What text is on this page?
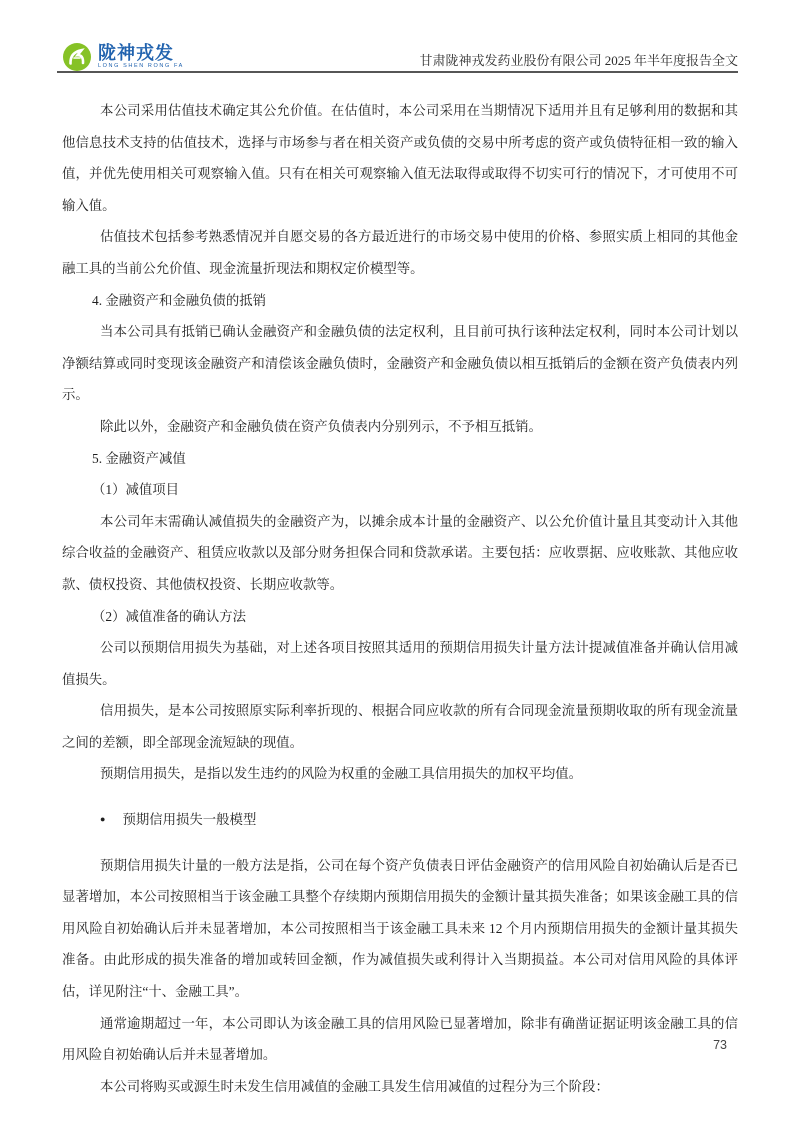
陇神戎发
LONG SHEN RONG FA	甘肃陇神戎发药业股份有限公司 2025 年半年度报告全文

本公司采用估值技术确定其公允价值。在估值时，本公司采用在当期情况下适用并且有足够利用的数据和其他信息技术支持的估值技术，选择与市场参与者在相关资产或负债的交易中所考虑的资产或负债特征相一致的输入值，并优先使用相关可观察输入值。只有在相关可观察输入值无法取得或取得不切实可行的情况下，才可使用不可输入值。

估值技术包括参考熟悉情况并自愿交易的各方最近进行的市场交易中使用的价格、参照实质上相同的其他金融工具的当前公允价值、现金流量折现法和期权定价模型等。

4. 金融资产和金融负债的抵销

当本公司具有抵销已确认金融资产和金融负债的法定权利，且目前可执行该种法定权利，同时本公司计划以净额结算或同时变现该金融资产和清偿该金融负债时，金融资产和金融负债以相互抵销后的金额在资产负债表内列示。

除此以外，金融资产和金融负债在资产负债表内分别列示，不予相互抵销。

5. 金融资产减值

（1）减值项目

本公司年末需确认减值损失的金融资产为，以摊余成本计量的金融资产、以公允价值计量且其变动计入其他综合收益的金融资产、租赁应收款以及部分财务担保合同和贷款承诺。主要包括：应收票据、应收账款、其他应收款、债权投资、其他债权投资、长期应收款等。

（2）减值准备的确认方法

公司以预期信用损失为基础，对上述各项目按照其适用的预期信用损失计量方法计提减值准备并确认信用减值损失。

信用损失，是本公司按照原实际利率折现的、根据合同应收款的所有合同现金流量预期收取的所有现金流量之间的差额，即全部现金流短缺的现值。

预期信用损失，是指以发生违约的风险为权重的金融工具信用损失的加权平均值。

● 预期信用损失一般模型

预期信用损失计量的一般方法是指，公司在每个资产负债表日评估金融资产的信用风险自初始确认后是否已显著增加，本公司按照相当于该金融工具整个存续期内预期信用损失的金额计量其损失准备；如果该金融工具的信用风险自初始确认后并未显著增加，本公司按照相当于该金融工具未来 12 个月内预期信用损失的金额计量其损失准备。由此形成的损失准备的增加或转回金额，作为减值损失或利得计入当期损益。本公司对信用风险的具体评估，详见附注“十、金融工具”。

通常逾期超过一年，本公司即认为该金融工具的信用风险已显著增加，除非有确凿证据证明该金融工具的信用风险自初始确认后并未显著增加。

本公司将购买或源生时未发生信用减值的金融工具发生信用减值的过程分为三个阶段：

73
